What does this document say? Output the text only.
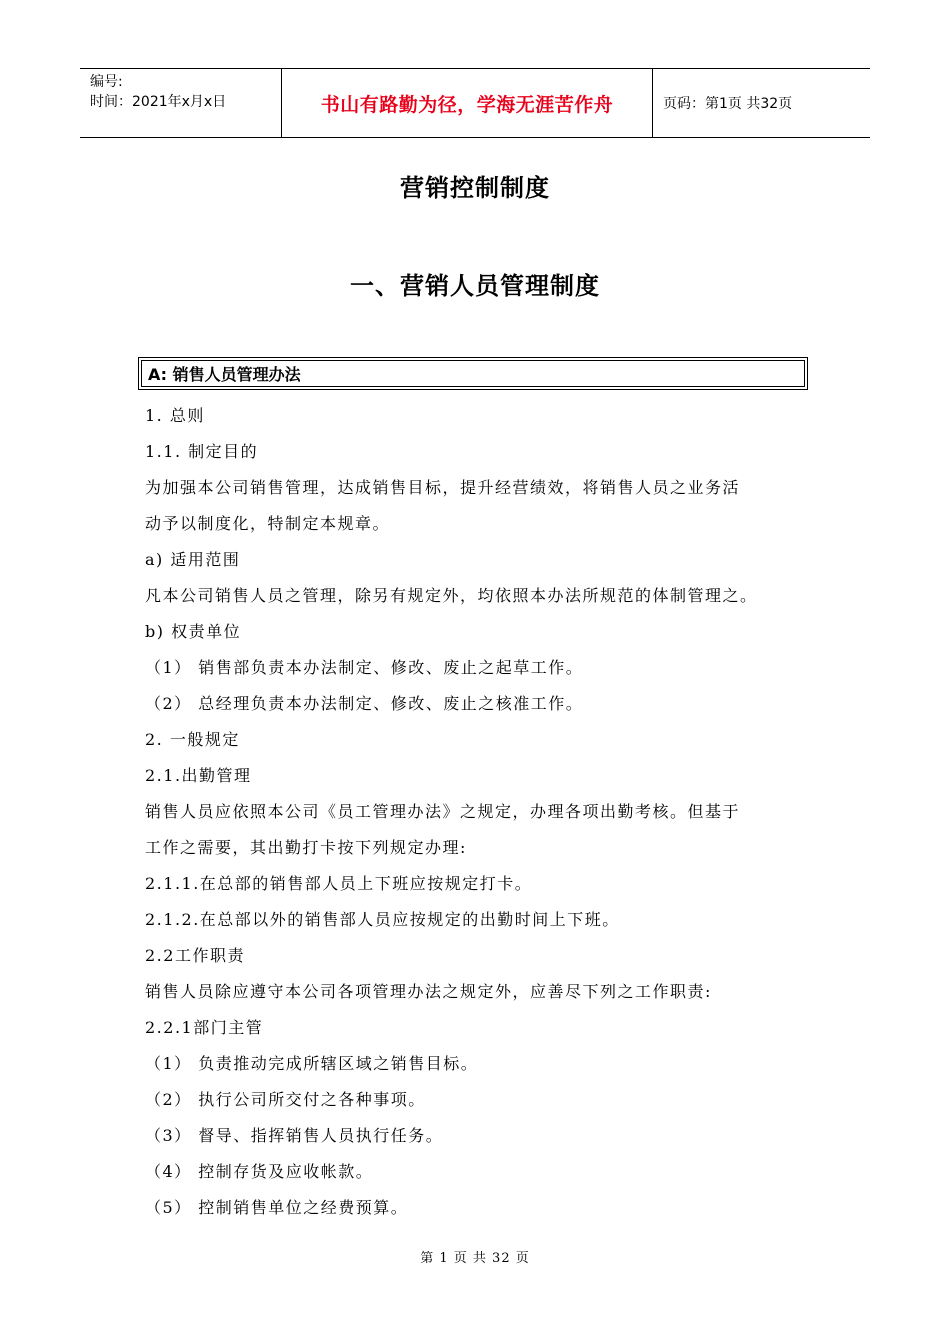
编号:
时间：2021年x月x日	书山有路勤为径，学海无涯苦作舟	页码：第1页 共32页
营销控制制度
一、营销人员管理制度
A: 销售人员管理办法
1. 总则
1.1. 制定目的
为加强本公司销售管理，达成销售目标，提升经营绩效，将销售人员之业务活
动予以制度化，特制定本规章。
a) 适用范围
凡本公司销售人员之管理，除另有规定外，均依照本办法所规范的体制管理之。
b) 权责单位
（1） 销售部负责本办法制定、修改、废止之起草工作。
（2） 总经理负责本办法制定、修改、废止之核准工作。
2. 一般规定
2.1.出勤管理
销售人员应依照本公司《员工管理办法》之规定，办理各项出勤考核。但基于
工作之需要，其出勤打卡按下列规定办理:
2.1.1.在总部的销售部人员上下班应按规定打卡。
2.1.2.在总部以外的销售部人员应按规定的出勤时间上下班。
2.2工作职责
销售人员除应遵守本公司各项管理办法之规定外，应善尽下列之工作职责:
2.2.1部门主管
（1） 负责推动完成所辖区域之销售目标。
（2） 执行公司所交付之各种事项。
（3） 督导、指挥销售人员执行任务。
（4） 控制存货及应收帐款。
（5） 控制销售单位之经费预算。
第 1 页 共 32 页
